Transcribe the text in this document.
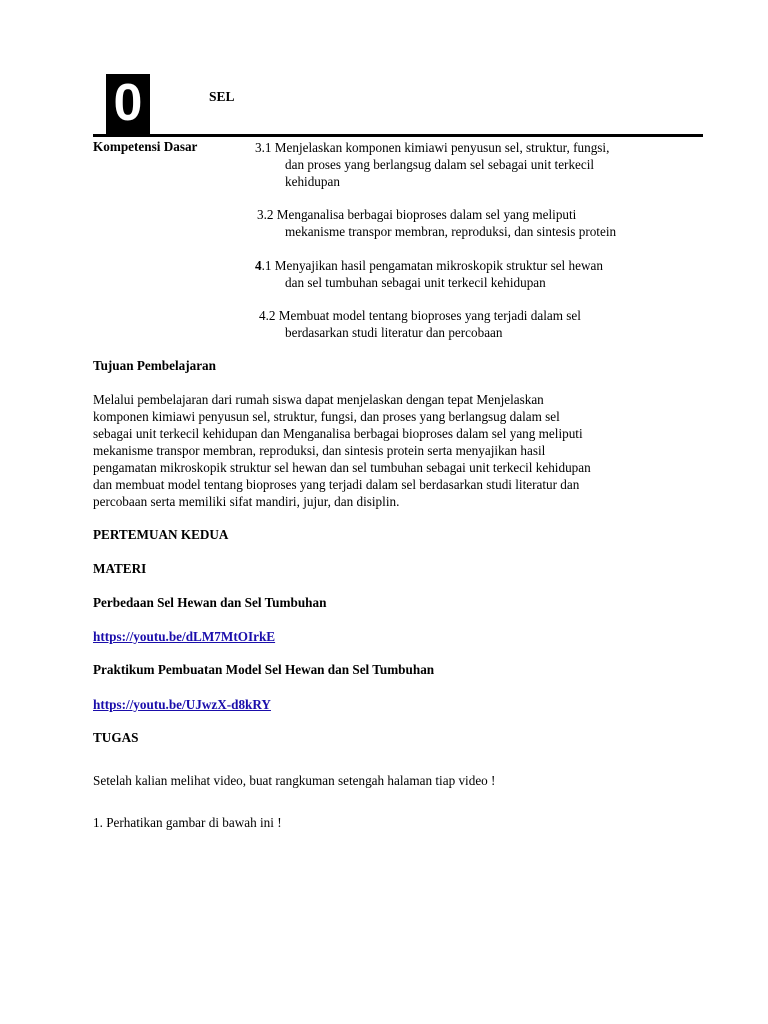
0	SEL
Kompetensi Dasar	3.1 Menjelaskan komponen kimiawi penyusun sel, struktur, fungsi,
dan proses yang berlangsug dalam sel sebagai unit terkecil
kehidupan
3.2 Menganalisa berbagai bioproses dalam sel yang meliputi
mekanisme transpor membran, reproduksi, dan sintesis protein
4.1 Menyajikan hasil pengamatan mikroskopik struktur sel hewan
dan sel tumbuhan sebagai unit terkecil kehidupan
4.2 Membuat model tentang bioproses yang terjadi dalam sel
berdasarkan studi literatur dan percobaan
Tujuan Pembelajaran
Melalui pembelajaran dari rumah siswa dapat menjelaskan dengan tepat Menjelaskan
komponen kimiawi penyusun sel, struktur, fungsi, dan proses yang berlangsug dalam sel
sebagai unit terkecil kehidupan dan Menganalisa berbagai bioproses dalam sel yang meliputi
mekanisme transpor membran, reproduksi, dan sintesis protein serta menyajikan hasil
pengamatan mikroskopik struktur sel hewan dan sel tumbuhan sebagai unit terkecil kehidupan
dan membuat model tentang bioproses yang terjadi dalam sel berdasarkan studi literatur dan
percobaan serta memiliki sifat mandiri, jujur, dan disiplin.
PERTEMUAN KEDUA
MATERI
Perbedaan Sel Hewan dan Sel Tumbuhan
https://youtu.be/dLM7MtOIrkE
Praktikum Pembuatan Model Sel Hewan dan Sel Tumbuhan
https://youtu.be/UJwzX-d8kRY
TUGAS
Setelah kalian melihat video, buat rangkuman setengah halaman tiap video !
1. Perhatikan gambar di bawah ini !
